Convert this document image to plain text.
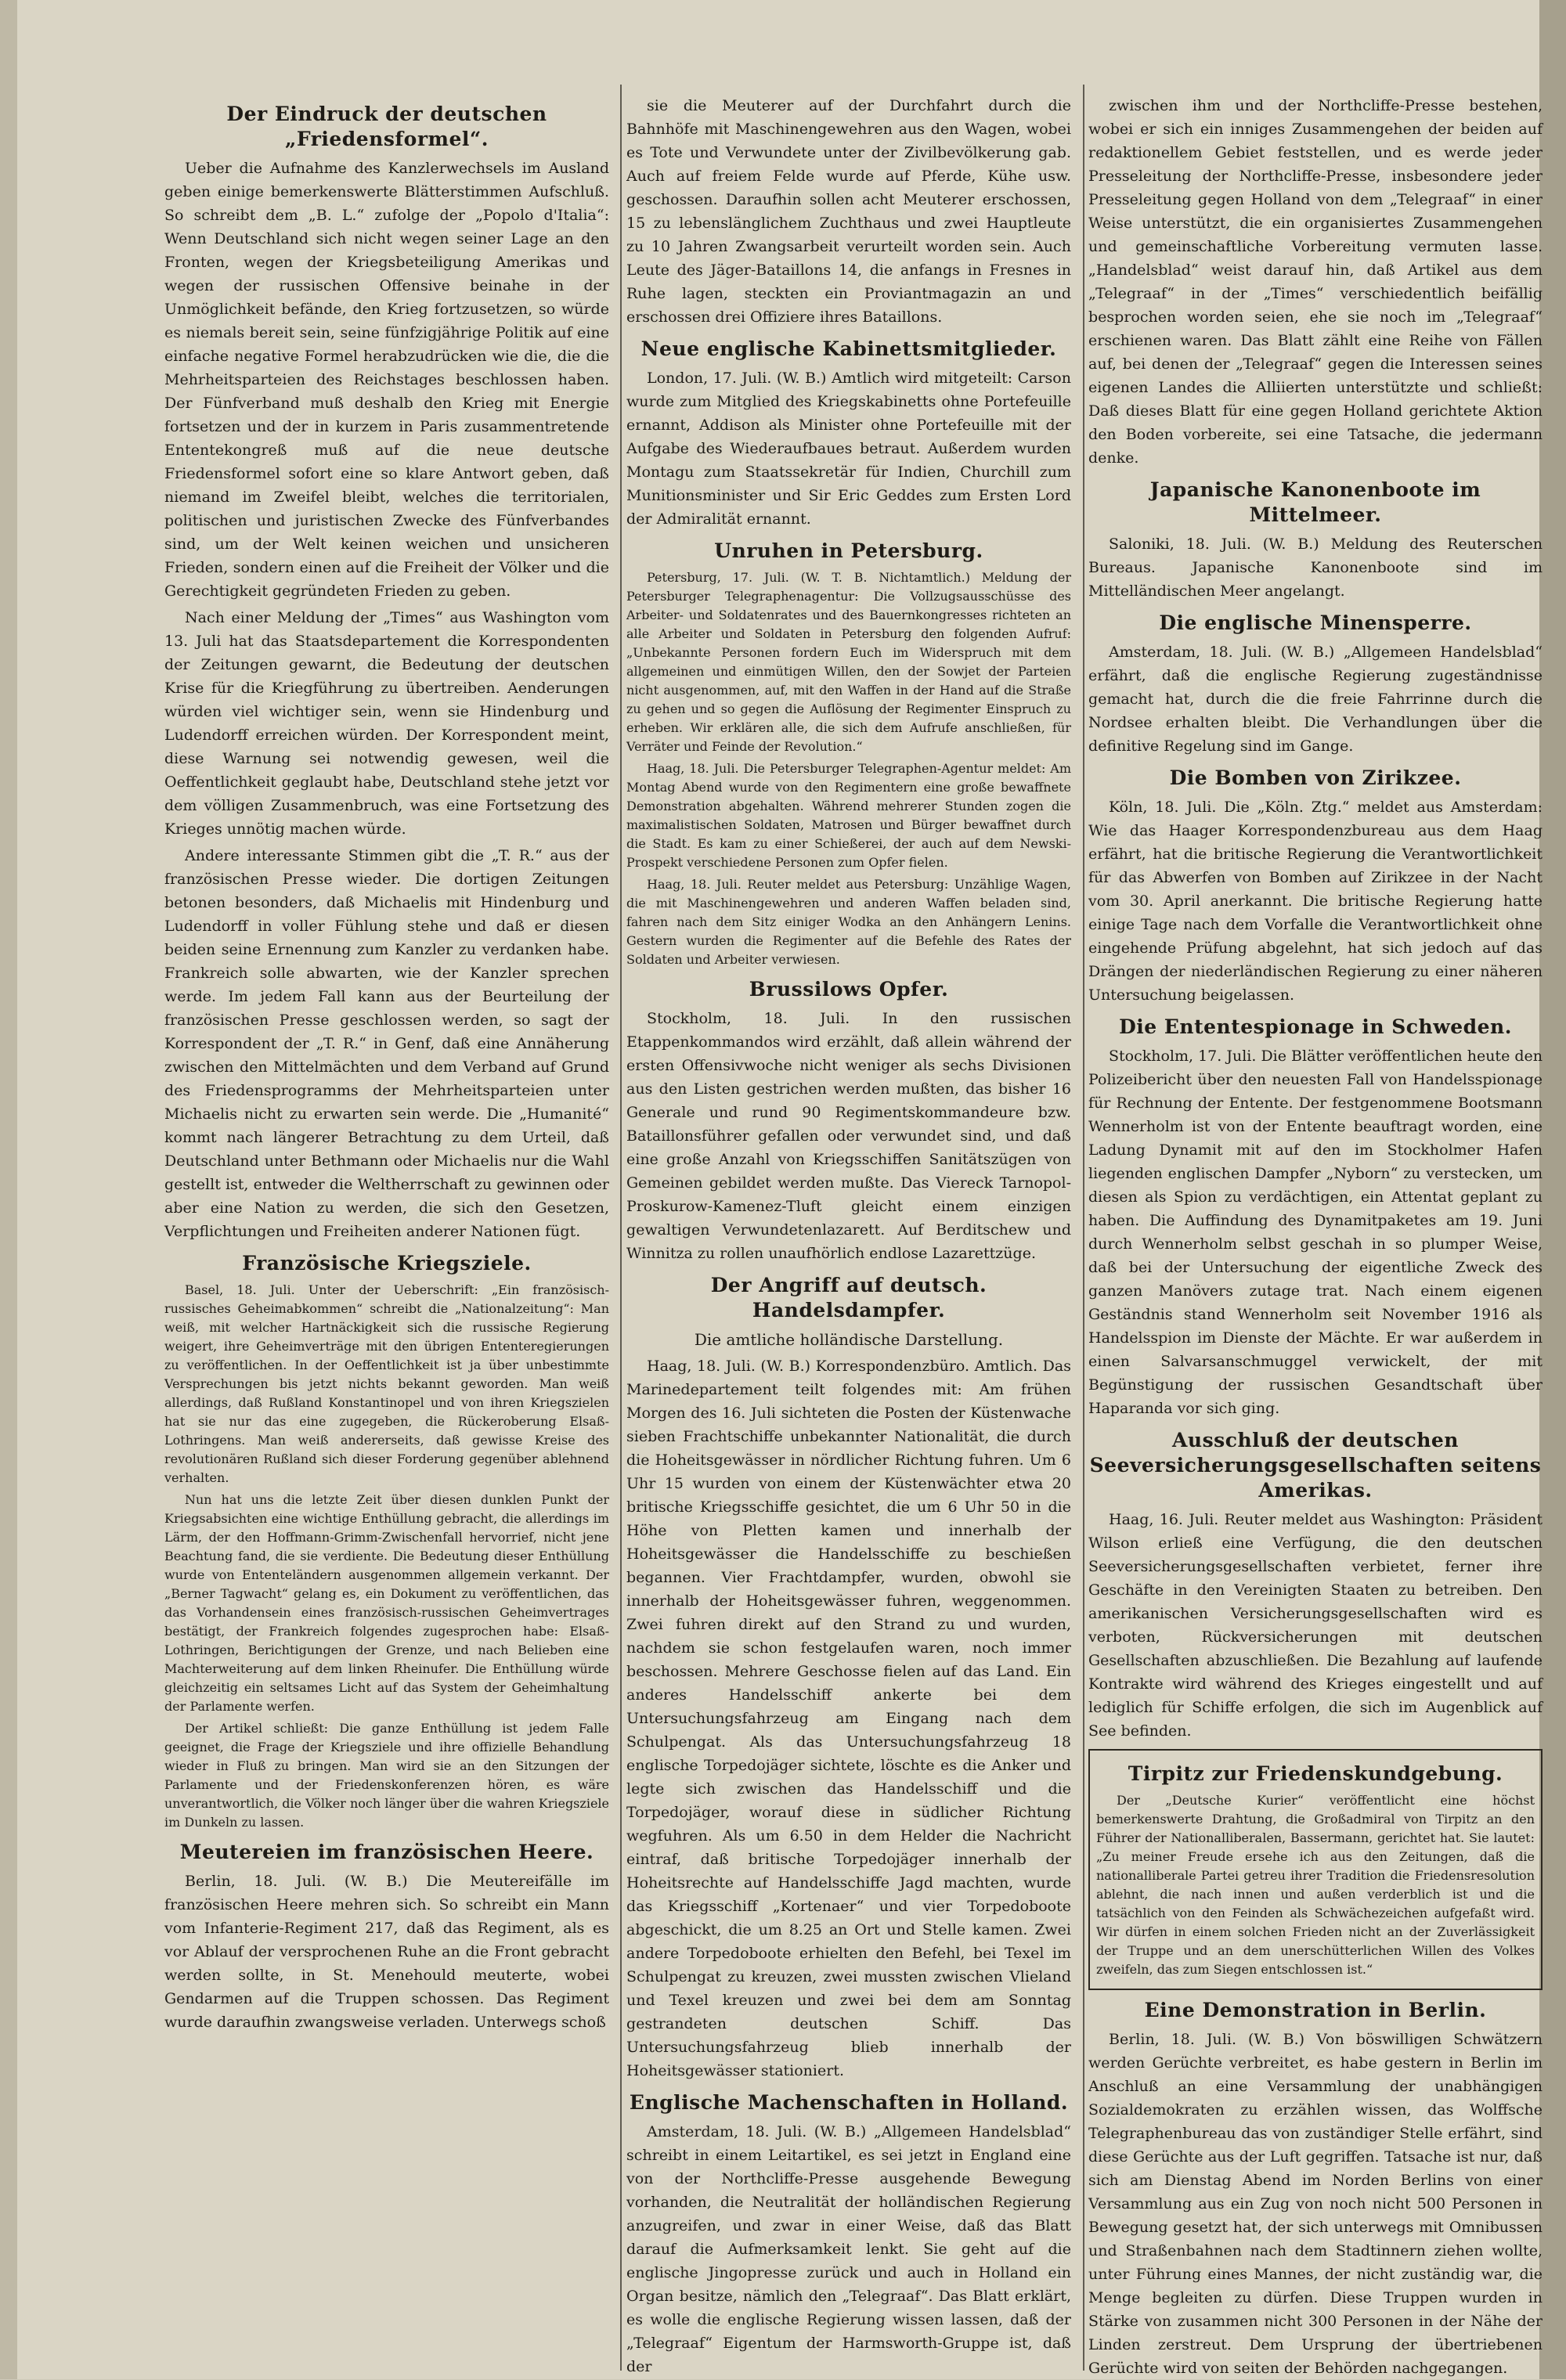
Der Eindruck der deutschen „Friedensformel“.

Ueber die Aufnahme des Kanzlerwechsels im Ausland geben einige bemerkenswerte Blätterstimmen Aufschluß. So schreibt dem „B. L.“ zufolge der „Popolo d'Italia“: Wenn Deutschland sich nicht wegen seiner Lage an den Fronten, wegen der Kriegsbeteiligung Amerikas und wegen der russischen Offensive beinahe in der Unmöglichkeit befände, den Krieg fortzusetzen, so würde es niemals bereit sein, seine fünfzigjährige Politik auf eine einfache negative Formel herabzudrücken wie die, die die Mehrheitsparteien des Reichstages beschlossen haben. Der Fünfverband muß deshalb den Krieg mit Energie fortsetzen und der in kurzem in Paris zusammentretende Ententekongreß muß auf die neue deutsche Friedensformel sofort eine so klare Antwort geben, daß niemand im Zweifel bleibt, welches die territorialen, politischen und juristischen Zwecke des Fünfverbandes sind, um der Welt keinen weichen und unsicheren Frieden, sondern einen auf die Freiheit der Völker und die Gerechtigkeit gegründeten Frieden zu geben.

Nach einer Meldung der „Times“ aus Washington vom 13. Juli hat das Staatsdepartement die Korrespondenten der Zeitungen gewarnt, die Bedeutung der deutschen Krise für die Kriegführung zu übertreiben. Aenderungen würden viel wichtiger sein, wenn sie Hindenburg und Ludendorff erreichen würden. Der Korrespondent meint, diese Warnung sei notwendig gewesen, weil die Oeffentlichkeit geglaubt habe, Deutschland stehe jetzt vor dem völligen Zusammenbruch, was eine Fortsetzung des Krieges unnötig machen würde.

Andere interessante Stimmen gibt die „T. R.“ aus der französischen Presse wieder. Die dortigen Zeitungen betonen besonders, daß Michaelis mit Hindenburg und Ludendorff in voller Fühlung stehe und daß er diesen beiden seine Ernennung zum Kanzler zu verdanken habe. Frankreich solle abwarten, wie der Kanzler sprechen werde. Im jedem Fall kann aus der Beurteilung der französischen Presse geschlossen werden, so sagt der Korrespondent der „T. R.“ in Genf, daß eine Annäherung zwischen den Mittelmächten und dem Verband auf Grund des Friedensprogramms der Mehrheitsparteien unter Michaelis nicht zu erwarten sein werde. Die „Humanité“ kommt nach längerer Betrachtung zu dem Urteil, daß Deutschland unter Bethmann oder Michaelis nur die Wahl gestellt ist, entweder die Weltherrschaft zu gewinnen oder aber eine Nation zu werden, die sich den Gesetzen, Verpflichtungen und Freiheiten anderer Nationen fügt.

Französische Kriegsziele.

Basel, 18. Juli. Unter der Ueberschrift: „Ein französisch-russisches Geheimabkommen“ schreibt die „Nationalzeitung“: Man weiß, mit welcher Hartnäckigkeit sich die russische Regierung weigert, ihre Geheimverträge mit den übrigen Ententeregierungen zu veröffentlichen. In der Oeffentlichkeit ist ja über unbestimmte Versprechungen bis jetzt nichts bekannt geworden. Man weiß allerdings, daß Rußland Konstantinopel und von ihren Kriegszielen hat sie nur das eine zugegeben, die Rückeroberung Elsaß-Lothringens. Man weiß andererseits, daß gewisse Kreise des revolutionären Rußland sich dieser Forderung gegenüber ablehnend verhalten.

Nun hat uns die letzte Zeit über diesen dunklen Punkt der Kriegsabsichten eine wichtige Enthüllung gebracht, die allerdings im Lärm, der den Hoffmann-Grimm-Zwischenfall hervorrief, nicht jene Beachtung fand, die sie verdiente. Die Bedeutung dieser Enthüllung wurde von Ententeländern ausgenommen allgemein verkannt. Der „Berner Tagwacht“ gelang es, ein Dokument zu veröffentlichen, das das Vorhandensein eines französisch-russischen Geheimvertrages bestätigt, der Frankreich folgendes zugesprochen habe: Elsaß-Lothringen, Berichtigungen der Grenze, und nach Belieben eine Machterweiterung auf dem linken Rheinufer. Die Enthüllung würde gleichzeitig ein seltsames Licht auf das System der Geheimhaltung der Parlamente werfen.

Der Artikel schließt: Die ganze Enthüllung ist jedem Falle geeignet, die Frage der Kriegsziele und ihre offizielle Behandlung wieder in Fluß zu bringen. Man wird sie an den Sitzungen der Parlamente und der Friedenskonferenzen hören, es wäre unverantwortlich, die Völker noch länger über die wahren Kriegsziele im Dunkeln zu lassen.

Meutereien im französischen Heere.

Berlin, 18. Juli. (W. B.) Die Meutereifälle im französischen Heere mehren sich. So schreibt ein Mann vom Infanterie-Regiment 217, daß das Regiment, als es vor Ablauf der versprochenen Ruhe an die Front gebracht werden sollte, in St. Menehould meuterte, wobei Gendarmen auf die Truppen schossen. Das Regiment wurde daraufhin zwangsweise verladen. Unterwegs schoß

sie die Meuterer auf der Durchfahrt durch die Bahnhöfe mit Maschinengewehren aus den Wagen, wobei es Tote und Verwundete unter der Zivilbevölkerung gab. Auch auf freiem Felde wurde auf Pferde, Kühe usw. geschossen. Daraufhin sollen acht Meuterer erschossen, 15 zu lebenslänglichem Zuchthaus und zwei Hauptleute zu 10 Jahren Zwangsarbeit verurteilt worden sein. Auch Leute des Jäger-Bataillons 14, die anfangs in Fresnes in Ruhe lagen, steckten ein Proviantmagazin an und erschossen drei Offiziere ihres Bataillons.

Neue englische Kabinettsmitglieder.

London, 17. Juli. (W. B.) Amtlich wird mitgeteilt: Carson wurde zum Mitglied des Kriegskabinetts ohne Portefeuille ernannt, Addison als Minister ohne Portefeuille mit der Aufgabe des Wiederaufbaues betraut. Außerdem wurden Montagu zum Staatssekretär für Indien, Churchill zum Munitionsminister und Sir Eric Geddes zum Ersten Lord der Admiralität ernannt.

Unruhen in Petersburg.

Petersburg, 17. Juli. (W. T. B. Nichtamtlich.) Meldung der Petersburger Telegraphenagentur: Die Vollzugsausschüsse des Arbeiter- und Soldatenrates und des Bauernkongresses richteten an alle Arbeiter und Soldaten in Petersburg den folgenden Aufruf: „Unbekannte Personen fordern Euch im Widerspruch mit dem allgemeinen und einmütigen Willen, den der Sowjet der Parteien nicht ausgenommen, auf, mit den Waffen in der Hand auf die Straße zu gehen und so gegen die Auflösung der Regimenter Einspruch zu erheben. Wir erklären alle, die sich dem Aufrufe anschließen, für Verräter und Feinde der Revolution.“

Haag, 18. Juli. Die Petersburger Telegraphen-Agentur meldet: Am Montag Abend wurde von den Regimentern eine große bewaffnete Demonstration abgehalten. Während mehrerer Stunden zogen die maximalistischen Soldaten, Matrosen und Bürger bewaffnet durch die Stadt. Es kam zu einer Schießerei, der auch auf dem Newski-Prospekt verschiedene Personen zum Opfer fielen.

Haag, 18. Juli. Reuter meldet aus Petersburg: Unzählige Wagen, die mit Maschinengewehren und anderen Waffen beladen sind, fahren nach dem Sitz einiger Wodka an den Anhängern Lenins. Gestern wurden die Regimenter auf die Befehle des Rates der Soldaten und Arbeiter verwiesen.

Brussilows Opfer.

Stockholm, 18. Juli. In den russischen Etappenkommandos wird erzählt, daß allein während der ersten Offensivwoche nicht weniger als sechs Divisionen aus den Listen gestrichen werden mußten, das bisher 16 Generale und rund 90 Regimentskommandeure bzw. Bataillonsführer gefallen oder verwundet sind, und daß eine große Anzahl von Kriegsschiffen Sanitätszügen von Gemeinen gebildet werden mußte. Das Viereck Tarnopol-Proskurow-Kamenez-Tluft gleicht einem einzigen gewaltigen Verwundetenlazarett. Auf Berditschew und Winnitza zu rollen unaufhörlich endlose Lazarettzüge.

Der Angriff auf deutsch. Handelsdampfer.
Die amtliche holländische Darstellung.

Haag, 18. Juli. (W. B.) Korrespondenzbüro. Amtlich. Das Marinedepartement teilt folgendes mit: Am frühen Morgen des 16. Juli sichteten die Posten der Küstenwache sieben Frachtschiffe unbekannter Nationalität, die durch die Hoheitsgewässer in nördlicher Richtung fuhren. Um 6 Uhr 15 wurden von einem der Küstenwächter etwa 20 britische Kriegsschiffe gesichtet, die um 6 Uhr 50 in die Höhe von Pletten kamen und innerhalb der Hoheitsgewässer die Handelsschiffe zu beschießen begannen. Vier Frachtdampfer, wurden, obwohl sie innerhalb der Hoheitsgewässer fuhren, weggenommen. Zwei fuhren direkt auf den Strand zu und wurden, nachdem sie schon festgelaufen waren, noch immer beschossen. Mehrere Geschosse fielen auf das Land. Ein anderes Handelsschiff ankerte bei dem Untersuchungsfahrzeug am Eingang nach dem Schulpengat. Als das Untersuchungsfahrzeug 18 englische Torpedojäger sichtete, löschte es die Anker und legte sich zwischen das Handelsschiff und die Torpedojäger, worauf diese in südlicher Richtung wegfuhren. Als um 6.50 in dem Helder die Nachricht eintraf, daß britische Torpedojäger innerhalb der Hoheitsrechte auf Handelsschiffe Jagd machten, wurde das Kriegsschiff „Kortenaer“ und vier Torpedoboote abgeschickt, die um 8.25 an Ort und Stelle kamen. Zwei andere Torpedoboote erhielten den Befehl, bei Texel im Schulpengat zu kreuzen, zwei mussten zwischen Vlieland und Texel kreuzen und zwei bei dem am Sonntag gestrandeten deutschen Schiff. Das Untersuchungsfahrzeug blieb innerhalb der Hoheitsgewässer stationiert.

Englische Machenschaften in Holland.

Amsterdam, 18. Juli. (W. B.) „Allgemeen Handelsblad“ schreibt in einem Leitartikel, es sei jetzt in England eine von der Northcliffe-Presse ausgehende Bewegung vorhanden, die Neutralität der holländischen Regierung anzugreifen, und zwar in einer Weise, daß das Blatt darauf die Aufmerksamkeit lenkt. Sie geht auf die englische Jingopresse zurück und auch in Holland ein Organ besitze, nämlich den „Telegraaf“. Das Blatt erklärt, es wolle die englische Regierung wissen lassen, daß der „Telegraaf“ Eigentum der Harmsworth-Gruppe ist, daß der

zwischen ihm und der Northcliffe-Presse bestehen, wobei er sich ein inniges Zusammengehen der beiden auf redaktionellem Gebiet feststellen, und es werde jeder Presseleitung der Northcliffe-Presse, insbesondere jeder Presseleitung gegen Holland von dem „Telegraaf“ in einer Weise unterstützt, die ein organisiertes Zusammengehen und gemeinschaftliche Vorbereitung vermuten lasse. „Handelsblad“ weist darauf hin, daß Artikel aus dem „Telegraaf“ in der „Times“ verschiedentlich beifällig besprochen worden seien, ehe sie noch im „Telegraaf“ erschienen waren. Das Blatt zählt eine Reihe von Fällen auf, bei denen der „Telegraaf“ gegen die Interessen seines eigenen Landes die Alliierten unterstützte und schließt: Daß dieses Blatt für eine gegen Holland gerichtete Aktion den Boden vorbereite, sei eine Tatsache, die jedermann denke.

Japanische Kanonenboote im Mittelmeer.

Saloniki, 18. Juli. (W. B.) Meldung des Reuterschen Bureaus. Japanische Kanonenboote sind im Mittelländischen Meer angelangt.

Die englische Minensperre.

Amsterdam, 18. Juli. (W. B.) „Allgemeen Handelsblad“ erfährt, daß die englische Regierung zugeständnisse gemacht hat, durch die die freie Fahrrinne durch die Nordsee erhalten bleibt. Die Verhandlungen über die definitive Regelung sind im Gange.

Die Bomben von Zirikzee.

Köln, 18. Juli. Die „Köln. Ztg.“ meldet aus Amsterdam: Wie das Haager Korrespondenzbureau aus dem Haag erfährt, hat die britische Regierung die Verantwortlichkeit für das Abwerfen von Bomben auf Zirikzee in der Nacht vom 30. April anerkannt. Die britische Regierung hatte einige Tage nach dem Vorfalle die Verantwortlichkeit ohne eingehende Prüfung abgelehnt, hat sich jedoch auf das Drängen der niederländischen Regierung zu einer näheren Untersuchung beigelassen.

Die Ententespionage in Schweden.

Stockholm, 17. Juli. Die Blätter veröffentlichen heute den Polizeibericht über den neuesten Fall von Handelsspionage für Rechnung der Entente. Der festgenommene Bootsmann Wennerholm ist von der Entente beauftragt worden, eine Ladung Dynamit mit auf den im Stockholmer Hafen liegenden englischen Dampfer „Nyborn“ zu verstecken, um diesen als Spion zu verdächtigen, ein Attentat geplant zu haben. Die Auffindung des Dynamitpaketes am 19. Juni durch Wennerholm selbst geschah in so plumper Weise, daß bei der Untersuchung der eigentliche Zweck des ganzen Manövers zutage trat. Nach einem eigenen Geständnis stand Wennerholm seit November 1916 als Handelsspion im Dienste der Mächte. Er war außerdem in einen Salvarsanschmuggel verwickelt, der mit Begünstigung der russischen Gesandtschaft über Haparanda vor sich ging.

Ausschluß der deutschen Seeversicherungsgesellschaften seitens Amerikas.

Haag, 16. Juli. Reuter meldet aus Washington: Präsident Wilson erließ eine Verfügung, die den deutschen Seeversicherungsgesellschaften verbietet, ferner ihre Geschäfte in den Vereinigten Staaten zu betreiben. Den amerikanischen Versicherungsgesellschaften wird es verboten, Rückversicherungen mit deutschen Gesellschaften abzuschließen. Die Bezahlung auf laufende Kontrakte wird während des Krieges eingestellt und auf lediglich für Schiffe erfolgen, die sich im Augenblick auf See befinden.

Tirpitz zur Friedenskundgebung.

Der „Deutsche Kurier“ veröffentlicht eine höchst bemerkenswerte Drahtung, die Großadmiral von Tirpitz an den Führer der Nationalliberalen, Bassermann, gerichtet hat. Sie lautet: „Zu meiner Freude ersehe ich aus den Zeitungen, daß die nationalliberale Partei getreu ihrer Tradition die Friedensresolution ablehnt, die nach innen und außen verderblich ist und die tatsächlich von den Feinden als Schwächezeichen aufgefaßt wird. Wir dürfen in einem solchen Frieden nicht an der Zuverlässigkeit der Truppe und an dem unerschütterlichen Willen des Volkes zweifeln, das zum Siegen entschlossen ist.“

Eine Demonstration in Berlin.

Berlin, 18. Juli. (W. B.) Von böswilligen Schwätzern werden Gerüchte verbreitet, es habe gestern in Berlin im Anschluß an eine Versammlung der unabhängigen Sozialdemokraten zu erzählen wissen, das Wolffsche Telegraphenbureau das von zuständiger Stelle erfährt, sind diese Gerüchte aus der Luft gegriffen. Tatsache ist nur, daß sich am Dienstag Abend im Norden Berlins von einer Versammlung aus ein Zug von noch nicht 500 Personen in Bewegung gesetzt hat, der sich unterwegs mit Omnibussen und Straßenbahnen nach dem Stadtinnern ziehen wollte, unter Führung eines Mannes, der nicht zuständig war, die Menge begleiten zu dürfen. Diese Truppen wurden in Stärke von zusammen nicht 300 Personen in der Nähe der Linden zerstreut. Dem Ursprung der übertriebenen Gerüchte wird von seiten der Behörden nachgegangen.
